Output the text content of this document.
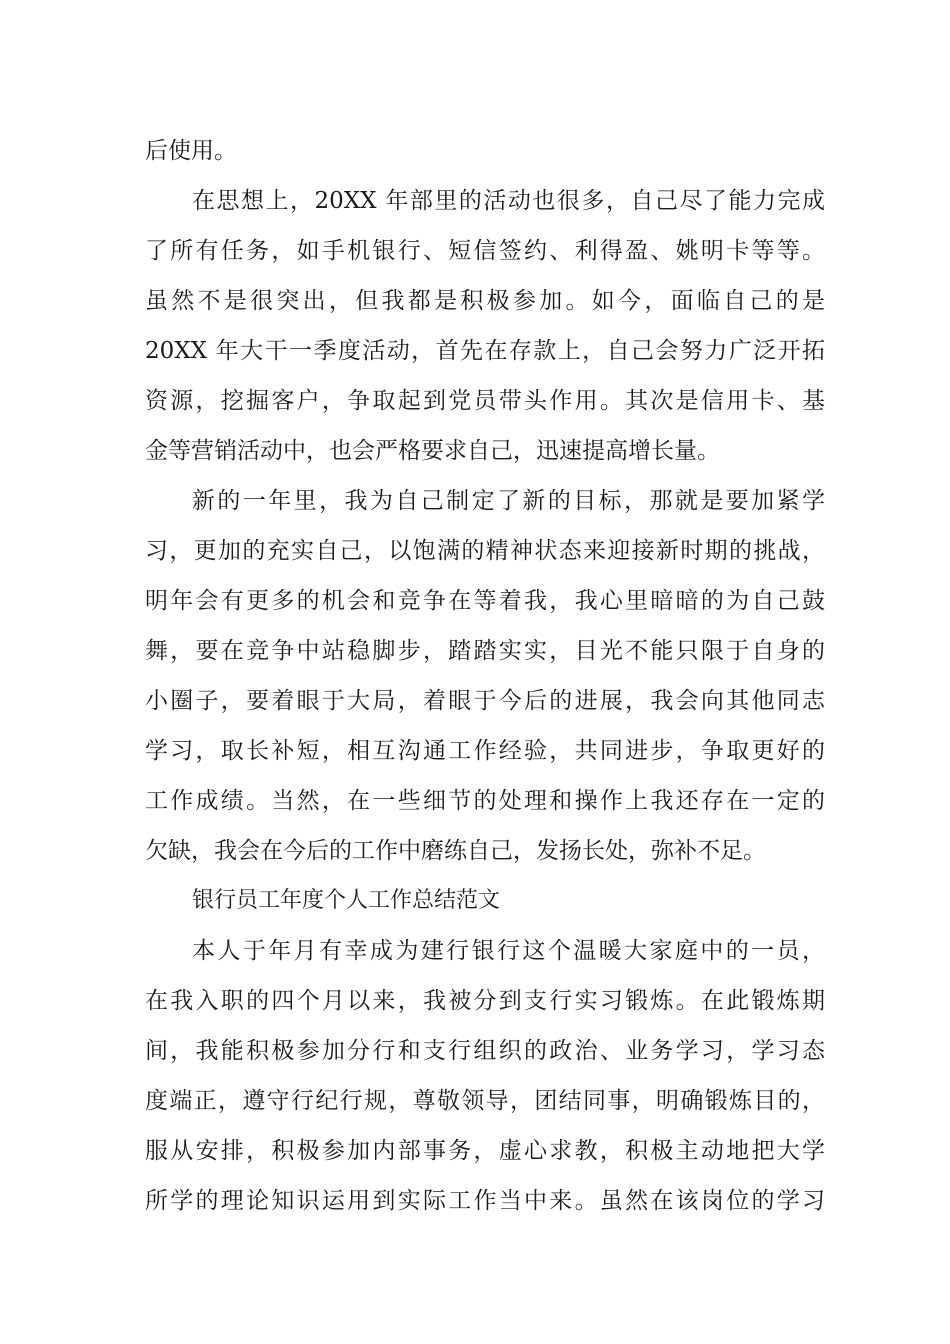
后使用。
在思想上，20XX 年部里的活动也很多，自己尽了能力完成
了所有任务，如手机银行、短信签约、利得盈、姚明卡等等。
虽然不是很突出，但我都是积极参加。如今，面临自己的是
20XX 年大干一季度活动，首先在存款上，自己会努力广泛开拓
资源，挖掘客户，争取起到党员带头作用。其次是信用卡、基
金等营销活动中，也会严格要求自己，迅速提高增长量。
新的一年里，我为自己制定了新的目标，那就是要加紧学
习，更加的充实自己，以饱满的精神状态来迎接新时期的挑战，
明年会有更多的机会和竞争在等着我，我心里暗暗的为自己鼓
舞，要在竞争中站稳脚步，踏踏实实，目光不能只限于自身的
小圈子，要着眼于大局，着眼于今后的进展，我会向其他同志
学习，取长补短，相互沟通工作经验，共同进步，争取更好的
工作成绩。当然，在一些细节的处理和操作上我还存在一定的
欠缺，我会在今后的工作中磨练自己，发扬长处，弥补不足。
银行员工年度个人工作总结范文
本人于年月有幸成为建行银行这个温暖大家庭中的一员，
在我入职的四个月以来，我被分到支行实习锻炼。在此锻炼期
间，我能积极参加分行和支行组织的政治、业务学习，学习态
度端正，遵守行纪行规，尊敬领导，团结同事，明确锻炼目的，
服从安排，积极参加内部事务，虚心求教，积极主动地把大学
所学的理论知识运用到实际工作当中来。虽然在该岗位的学习
